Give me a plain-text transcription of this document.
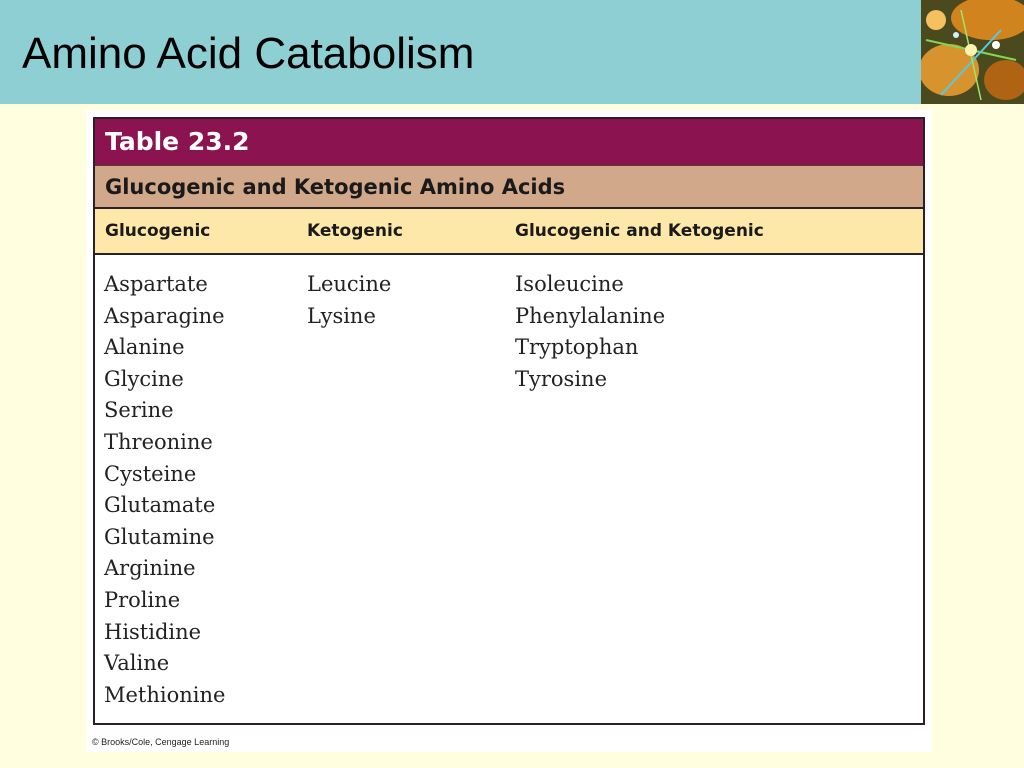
Amino Acid Catabolism
Table 23.2
Glucogenic and Ketogenic Amino Acids
Glucogenic	Ketogenic	Glucogenic and Ketogenic
Aspartate
Asparagine
Alanine
Glycine
Serine
Threonine
Cysteine
Glutamate
Glutamine
Arginine
Proline
Histidine
Valine
Methionine
Leucine
Lysine
Isoleucine
Phenylalanine
Tryptophan
Tyrosine
© Brooks/Cole, Cengage Learning
